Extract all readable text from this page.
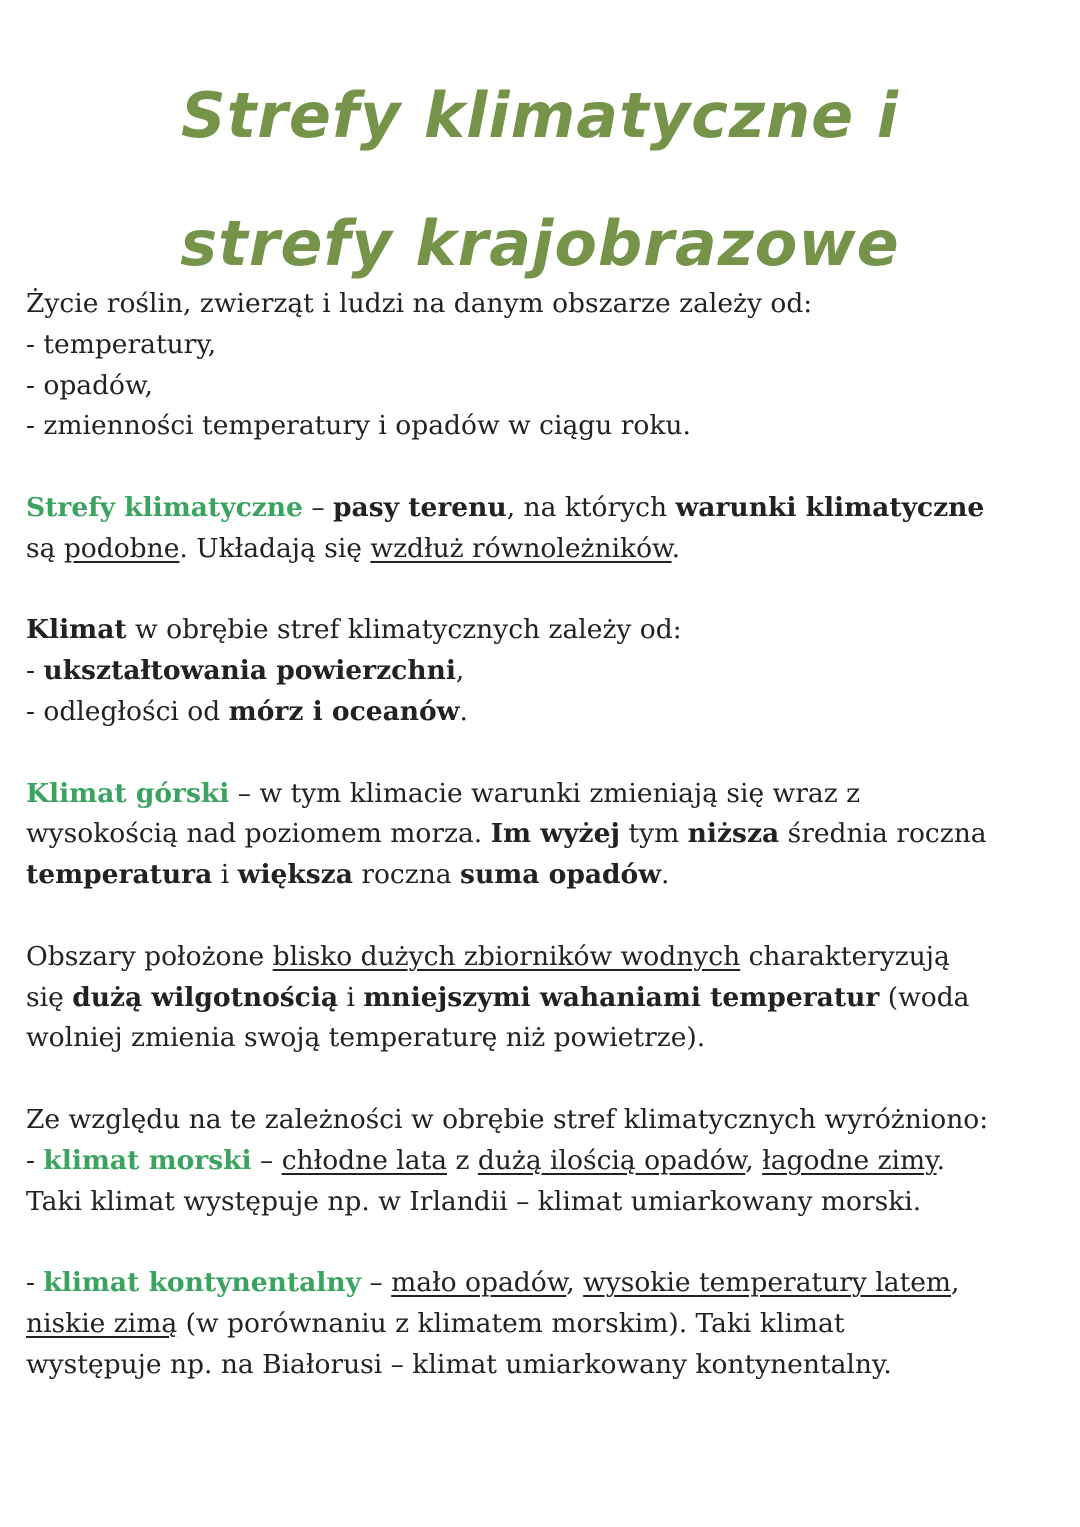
Strefy klimatyczne i
strefy krajobrazowe

Życie roślin, zwierząt i ludzi na danym obszarze zależy od:
- temperatury,
- opadów,
- zmienności temperatury i opadów w ciągu roku.

Strefy klimatyczne – pasy terenu, na których warunki klimatyczne
są podobne. Układają się wzdłuż równoleżników.

Klimat w obrębie stref klimatycznych zależy od:
- ukształtowania powierzchni,
- odległości od mórz i oceanów.

Klimat górski – w tym klimacie warunki zmieniają się wraz z
wysokością nad poziomem morza. Im wyżej tym niższa średnia roczna
temperatura i większa roczna suma opadów.

Obszary położone blisko dużych zbiorników wodnych charakteryzują
się dużą wilgotnością i mniejszymi wahaniami temperatur (woda
wolniej zmienia swoją temperaturę niż powietrze).

Ze względu na te zależności w obrębie stref klimatycznych wyróżniono:
- klimat morski – chłodne lata z dużą ilością opadów, łagodne zimy.
Taki klimat występuje np. w Irlandii – klimat umiarkowany morski.

- klimat kontynentalny – mało opadów, wysokie temperatury latem,
niskie zimą (w porównaniu z klimatem morskim). Taki klimat
występuje np. na Białorusi – klimat umiarkowany kontynentalny.
